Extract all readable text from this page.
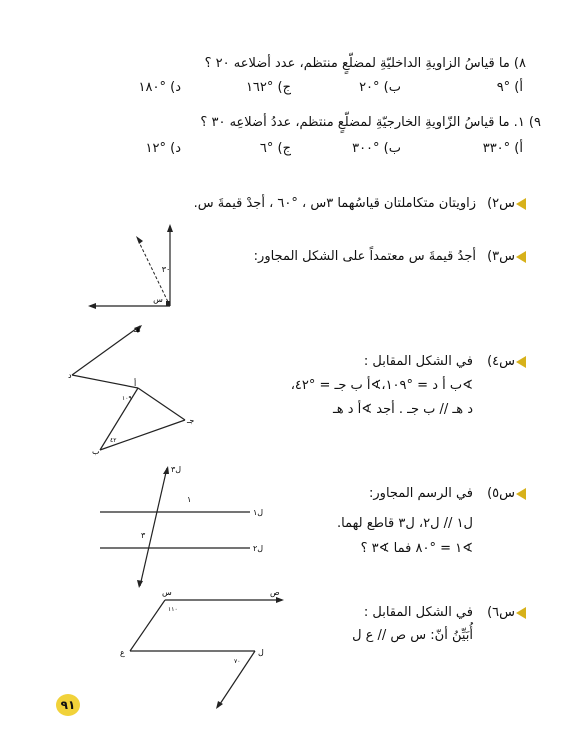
٨) ما قياسُ الزاويةِ الداخليّةِ لمضلّعٍ منتظم، عدد أضلاعه ٢٠ ؟
أ) °٩
ب) °٢٠
ج) °١٦٢
د) °١٨٠
٩) ١. ما قياسُ الزّاويةِ الخارجيّةِ لمضلّعٍ منتظم، عددُ أضلاعِه ٣٠ ؟
أ) °٣٣٠
ب) °٣٠٠
ج) °٦
د) °١٢
س٢)
زاويتان متكاملتان قياسُهما ٣س ، °٦٠ ، أجدْ قيمةَ س.
س٣)
أجدُ قيمةَ س معتمداً على الشكل المجاور:
٣٠
س
س٤)
في الشكل المقابل :
∢ب أ د = °١٠٩،∢أ ب جـ = °٤٢،
د هـ // ب جـ . أجد ∢أ د هـ
د
أ
جـ
ب
هـ
١٠٩
٤٢
س٥)
في الرسم المجاور:
ل١ // ل٢، ل٣ قاطع لهما.
∢١ = °٨٠ فما ∢٣ ؟
ل١
ل٢
ل٣
١
٣
س٦)
في الشكل المقابل :
أُبَيِّنُ أنّ: س ص // ع ل
س	ص
ع	ل
١١٠
٧٠
٩١
